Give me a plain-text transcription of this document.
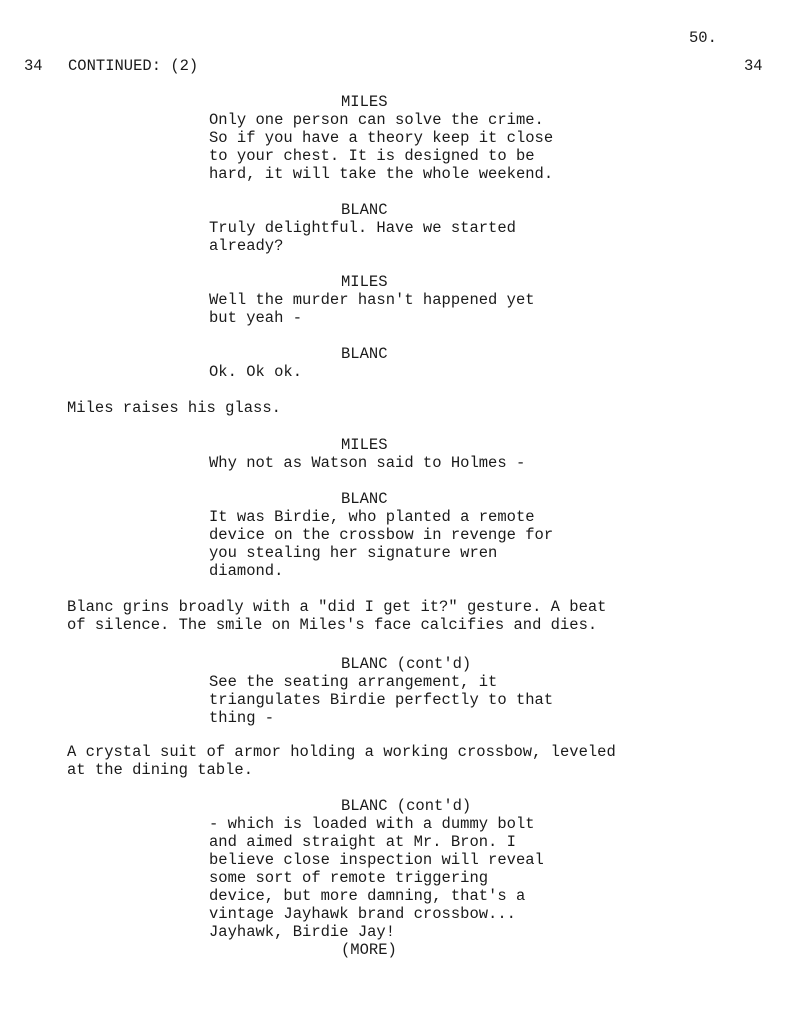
50.
34 CONTINUED: (2)	34
MILES
Only one person can solve the crime.
So if you have a theory keep it close
to your chest. It is designed to be
hard, it will take the whole weekend.
BLANC
Truly delightful. Have we started
already?
MILES
Well the murder hasn't happened yet
but yeah -
BLANC
Ok. Ok ok.
Miles raises his glass.
MILES
Why not as Watson said to Holmes -
BLANC
It was Birdie, who planted a remote
device on the crossbow in revenge for
you stealing her signature wren
diamond.
Blanc grins broadly with a "did I get it?" gesture. A beat
of silence. The smile on Miles's face calcifies and dies.
BLANC (cont'd)
See the seating arrangement, it
triangulates Birdie perfectly to that
thing -
A crystal suit of armor holding a working crossbow, leveled
at the dining table.
BLANC (cont'd)
- which is loaded with a dummy bolt
and aimed straight at Mr. Bron. I
believe close inspection will reveal
some sort of remote triggering
device, but more damning, that's a
vintage Jayhawk brand crossbow...
Jayhawk, Birdie Jay!
(MORE)
